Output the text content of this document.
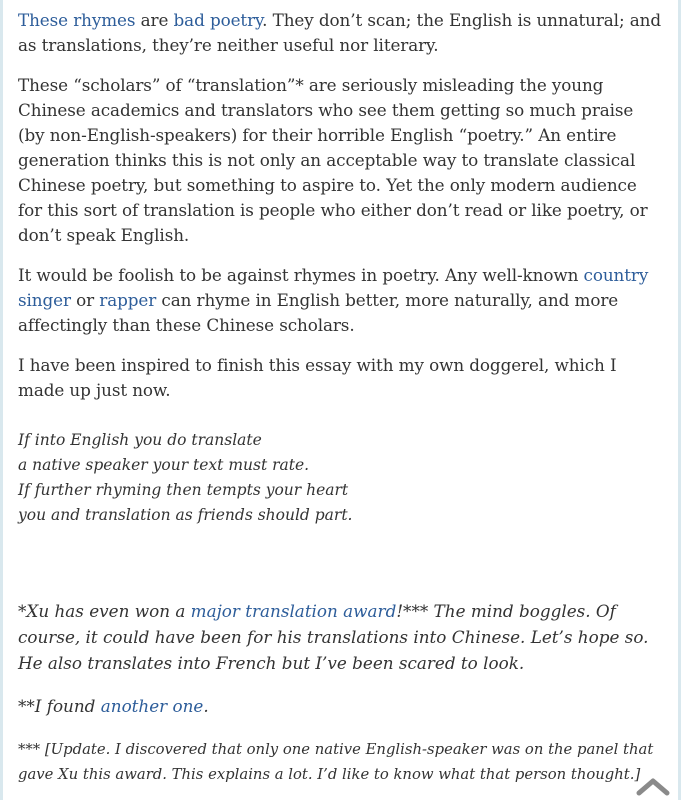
These rhymes are bad poetry. They don’t scan; the English is unnatural; and as translations, they’re neither useful nor literary.

These “scholars” of “translation”* are seriously misleading the young Chinese academics and translators who see them getting so much praise (by non-English-speakers) for their horrible English “poetry.” An entire generation thinks this is not only an acceptable way to translate classical Chinese poetry, but something to aspire to. Yet the only modern audience for this sort of translation is people who either don’t read or like poetry, or don’t speak English.

It would be foolish to be against rhymes in poetry. Any well-known country singer or rapper can rhyme in English better, more naturally, and more affectingly than these Chinese scholars.

I have been inspired to finish this essay with my own doggerel, which I made up just now.

If into English you do translate
a native speaker your text must rate.
If further rhyming then tempts your heart
you and translation as friends should part.

*Xu has even won a major translation award!*** The mind boggles. Of course, it could have been for his translations into Chinese. Let’s hope so. He also translates into French but I’ve been scared to look.

**I found another one.

*** [Update. I discovered that only one native English-speaker was on the panel that gave Xu this award. This explains a lot. I’d like to know what that person thought.]
